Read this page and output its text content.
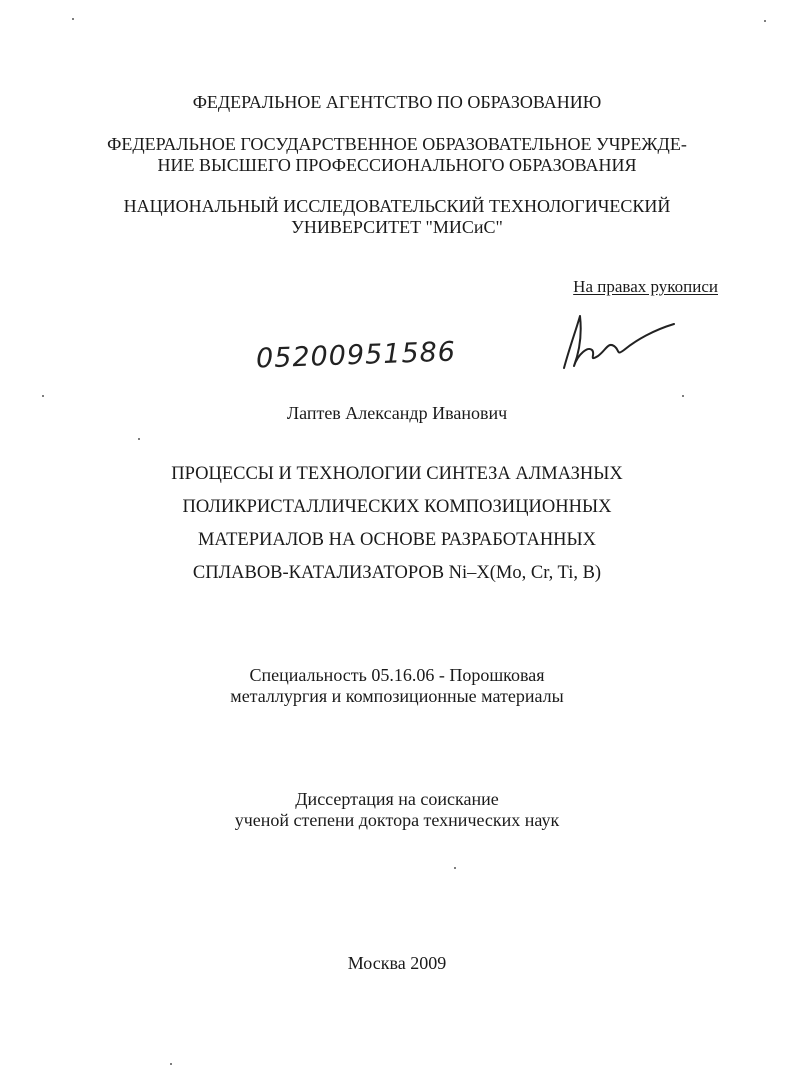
ФЕДЕРАЛЬНОЕ АГЕНТСТВО ПО ОБРАЗОВАНИЮ
ФЕДЕРАЛЬНОЕ ГОСУДАРСТВЕННОЕ ОБРАЗОВАТЕЛЬНОЕ УЧРЕЖДЕ-
НИЕ ВЫСШЕГО ПРОФЕССИОНАЛЬНОГО ОБРАЗОВАНИЯ
НАЦИОНАЛЬНЫЙ ИССЛЕДОВАТЕЛЬСКИЙ ТЕХНОЛОГИЧЕСКИЙ
УНИВЕРСИТЕТ "МИСиС"
На правах рукописи
05200951586
Лаптев Александр Иванович
ПРОЦЕССЫ И ТЕХНОЛОГИИ СИНТЕЗА АЛМАЗНЫХ
ПОЛИКРИСТАЛЛИЧЕСКИХ КОМПОЗИЦИОННЫХ
МАТЕРИАЛОВ НА ОСНОВЕ РАЗРАБОТАННЫХ
СПЛАВОВ-КАТАЛИЗАТОРОВ Ni–X(Mo, Cr, Ti, B)
Специальность 05.16.06 - Порошковая
металлургия и композиционные материалы
Диссертация на соискание
ученой степени доктора технических наук
Москва 2009
